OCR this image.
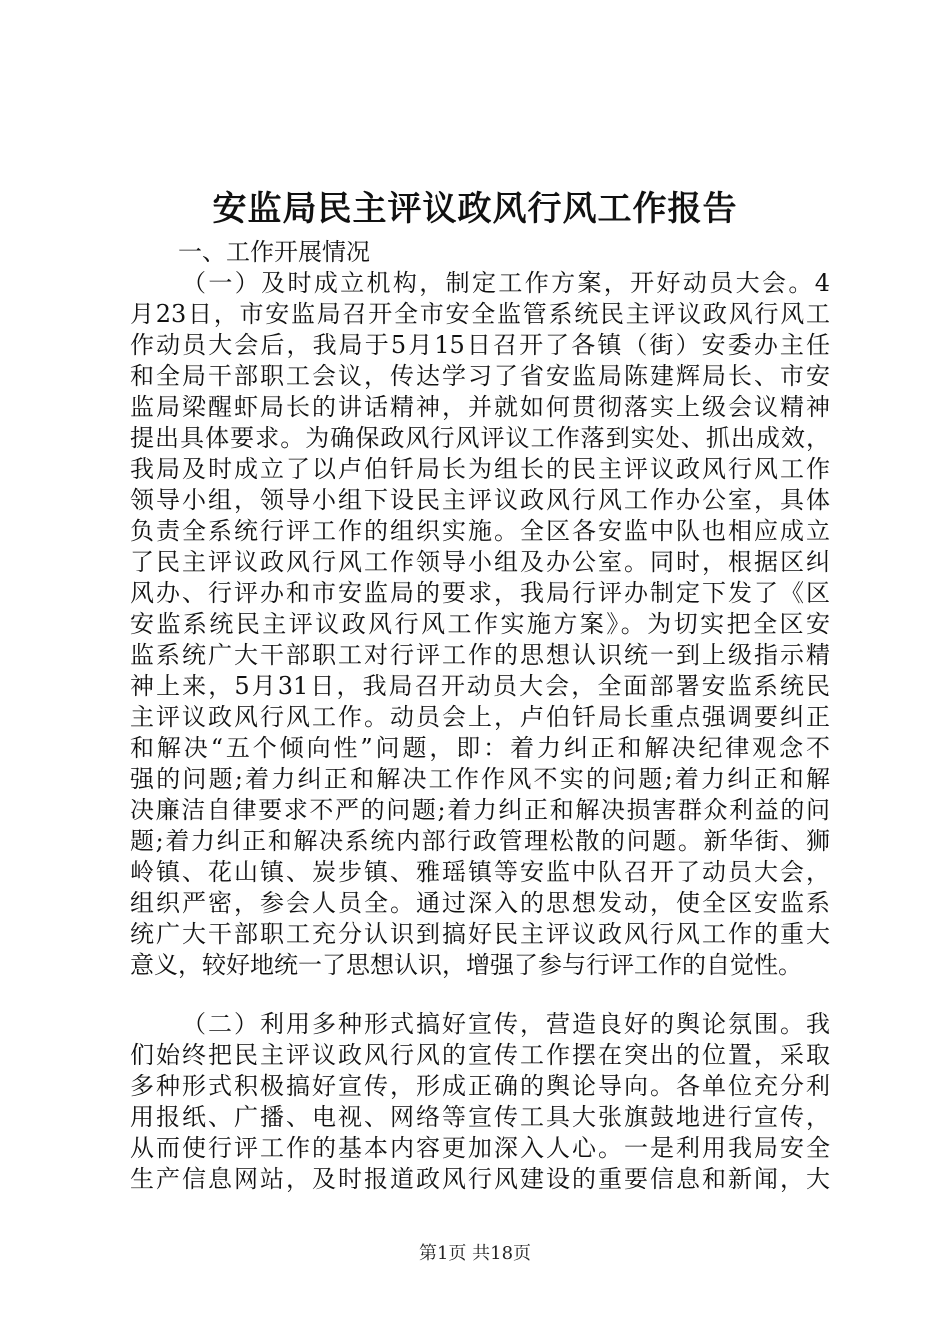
安监局民主评议政风行风工作报告
一、工作开展情况
（一）及时成立机构，制定工作方案，开好动员大会。4
月23日，市安监局召开全市安全监管系统民主评议政风行风工
作动员大会后，我局于5月15日召开了各镇（街）安委办主任
和全局干部职工会议，传达学习了省安监局陈建辉局长、市安
监局梁醒虾局长的讲话精神，并就如何贯彻落实上级会议精神
提出具体要求。为确保政风行风评议工作落到实处、抓出成效，
我局及时成立了以卢伯钎局长为组长的民主评议政风行风工作
领导小组，领导小组下设民主评议政风行风工作办公室，具体
负责全系统行评工作的组织实施。全区各安监中队也相应成立
了民主评议政风行风工作领导小组及办公室。同时，根据区纠
风办、行评办和市安监局的要求，我局行评办制定下发了《区
安监系统民主评议政风行风工作实施方案》。为切实把全区安
监系统广大干部职工对行评工作的思想认识统一到上级指示精
神上来，5月31日，我局召开动员大会，全面部署安监系统民
主评议政风行风工作。动员会上，卢伯钎局长重点强调要纠正
和解决“五个倾向性”问题，即：着力纠正和解决纪律观念不
强的问题;着力纠正和解决工作作风不实的问题;着力纠正和解
决廉洁自律要求不严的问题;着力纠正和解决损害群众利益的问
题;着力纠正和解决系统内部行政管理松散的问题。新华街、狮
岭镇、花山镇、炭步镇、雅瑶镇等安监中队召开了动员大会，
组织严密，参会人员全。通过深入的思想发动，使全区安监系
统广大干部职工充分认识到搞好民主评议政风行风工作的重大
意义，较好地统一了思想认识，增强了参与行评工作的自觉性。
（二）利用多种形式搞好宣传，营造良好的舆论氛围。我
们始终把民主评议政风行风的宣传工作摆在突出的位置，采取
多种形式积极搞好宣传，形成正确的舆论导向。各单位充分利
用报纸、广播、电视、网络等宣传工具大张旗鼓地进行宣传，
从而使行评工作的基本内容更加深入人心。一是利用我局安全
生产信息网站，及时报道政风行风建设的重要信息和新闻，大
第1页 共18页
